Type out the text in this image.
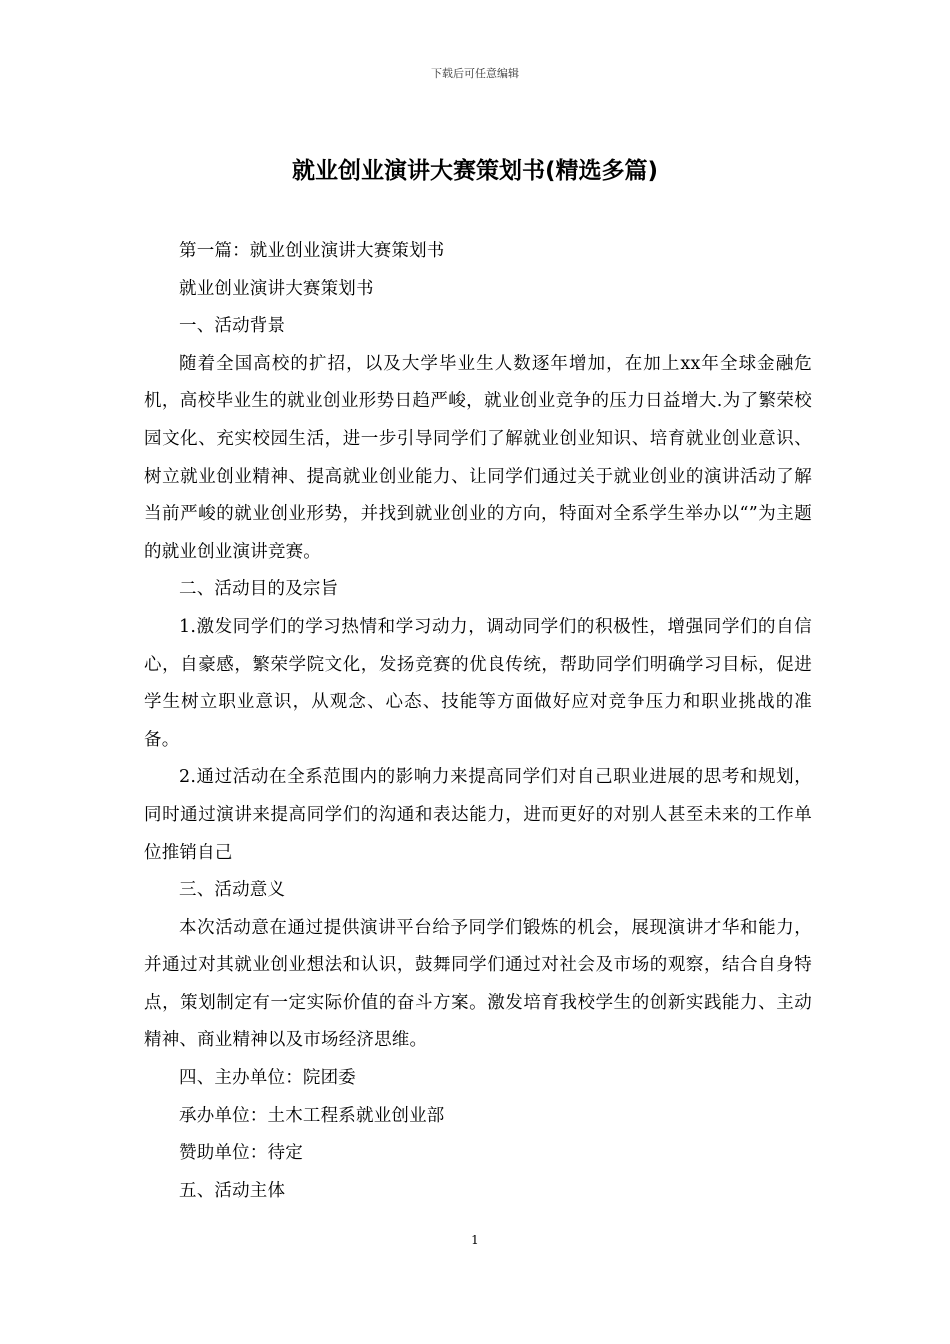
下载后可任意编辑
就业创业演讲大赛策划书(精选多篇)

第一篇：就业创业演讲大赛策划书

就业创业演讲大赛策划书

一、活动背景

随着全国高校的扩招，以及大学毕业生人数逐年增加，在加上xx年全球金融危机，高校毕业生的就业创业形势日趋严峻，就业创业竞争的压力日益增大.为了繁荣校园文化、充实校园生活，进一步引导同学们了解就业创业知识、培育就业创业意识、树立就业创业精神、提高就业创业能力、让同学们通过关于就业创业的演讲活动了解当前严峻的就业创业形势，并找到就业创业的方向，特面对全系学生举办以“”为主题的就业创业演讲竞赛。

二、活动目的及宗旨

1.激发同学们的学习热情和学习动力，调动同学们的积极性，增强同学们的自信心，自豪感，繁荣学院文化，发扬竞赛的优良传统，帮助同学们明确学习目标，促进学生树立职业意识，从观念、心态、技能等方面做好应对竞争压力和职业挑战的准备。

2.通过活动在全系范围内的影响力来提高同学们对自己职业进展的思考和规划，同时通过演讲来提高同学们的沟通和表达能力，进而更好的对别人甚至未来的工作单位推销自己

三、活动意义

本次活动意在通过提供演讲平台给予同学们锻炼的机会，展现演讲才华和能力，并通过对其就业创业想法和认识，鼓舞同学们通过对社会及市场的观察，结合自身特点，策划制定有一定实际价值的奋斗方案。激发培育我校学生的创新实践能力、主动精神、商业精神以及市场经济思维。

四、主办单位：院团委

承办单位：土木工程系就业创业部

赞助单位：待定

五、活动主体

1
